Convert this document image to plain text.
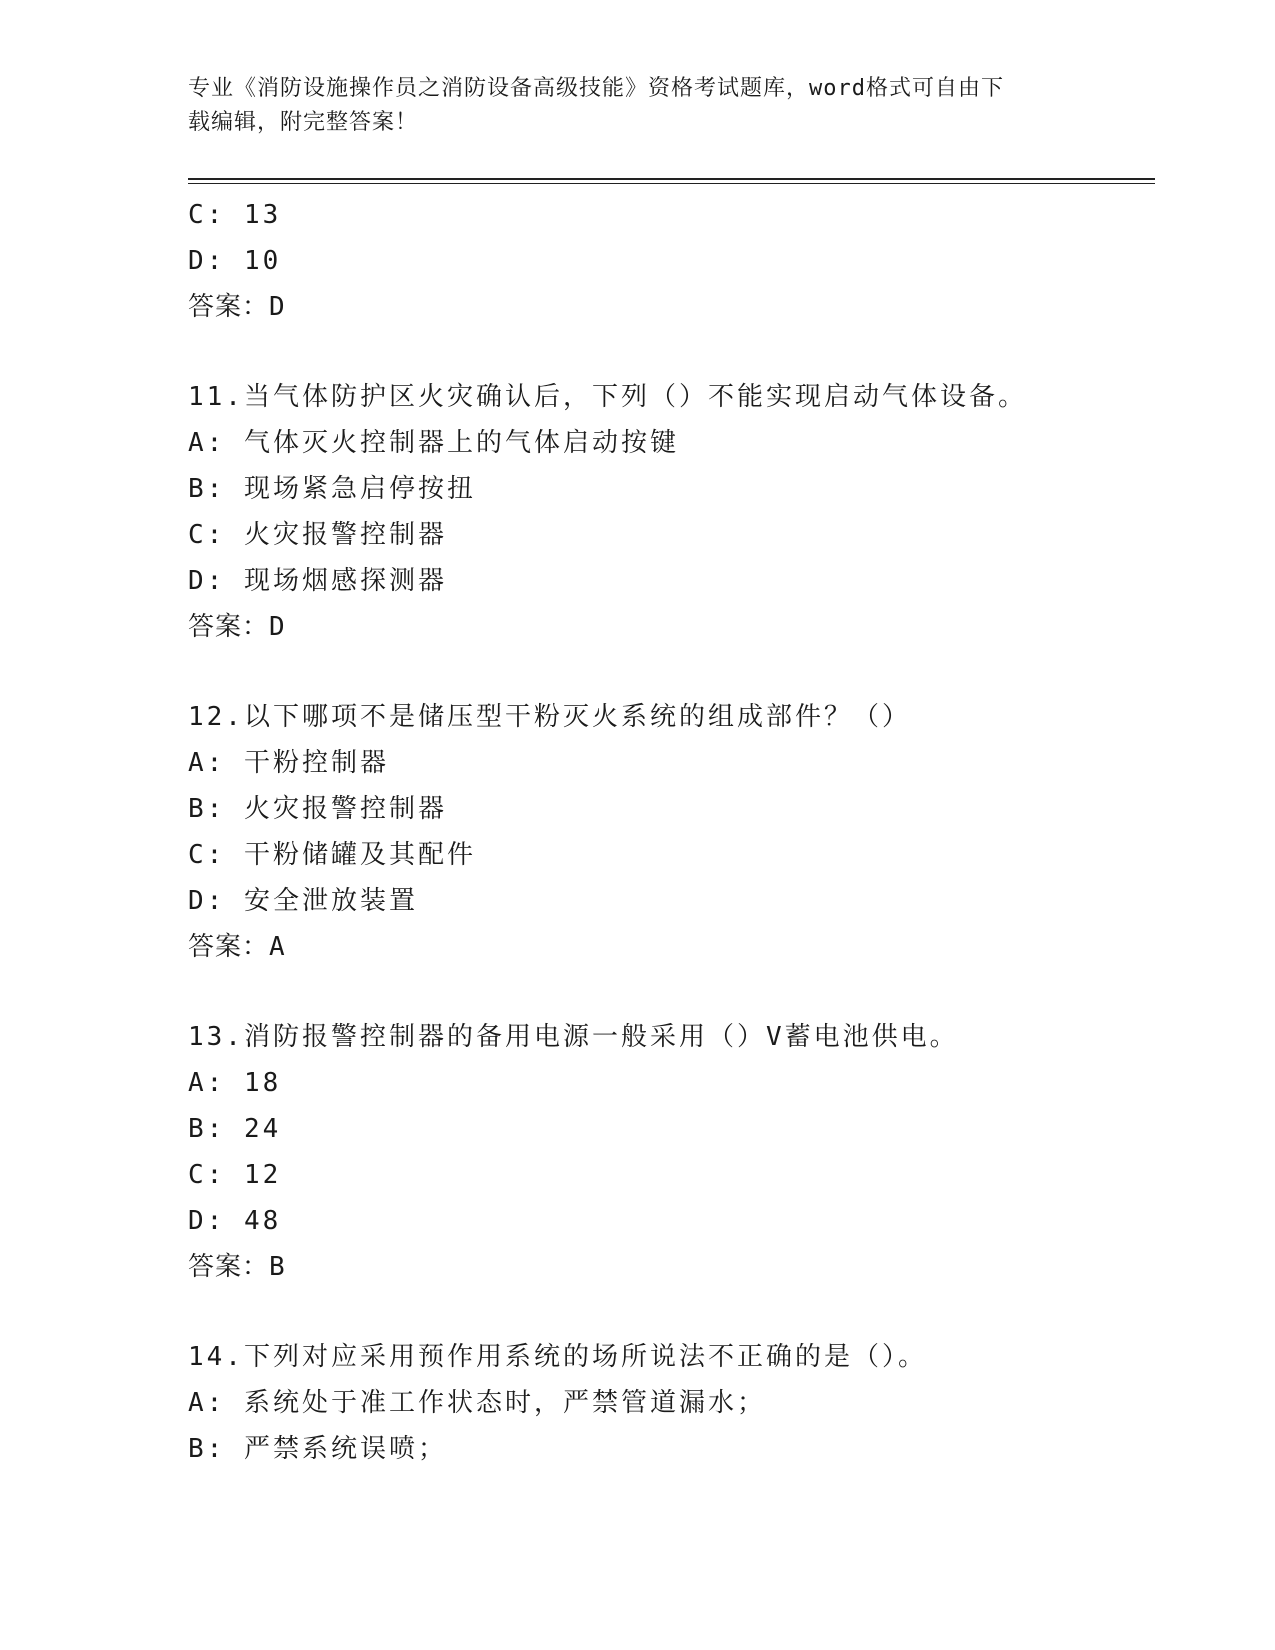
专业《消防设施操作员之消防设备高级技能》资格考试题库，word格式可自由下
载编辑，附完整答案！
C: 13
D: 10
答案：D
11.当气体防护区火灾确认后，下列（）不能实现启动气体设备。
A: 气体灭火控制器上的气体启动按键
B: 现场紧急启停按扭
C: 火灾报警控制器
D: 现场烟感探测器
答案：D
12.以下哪项不是储压型干粉灭火系统的组成部件？（）
A: 干粉控制器
B: 火灾报警控制器
C: 干粉储罐及其配件
D: 安全泄放装置
答案：A
13.消防报警控制器的备用电源一般采用（）V蓄电池供电。
A: 18
B: 24
C: 12
D: 48
答案：B
14.下列对应采用预作用系统的场所说法不正确的是（）。
A: 系统处于准工作状态时，严禁管道漏水；
B: 严禁系统误喷；
